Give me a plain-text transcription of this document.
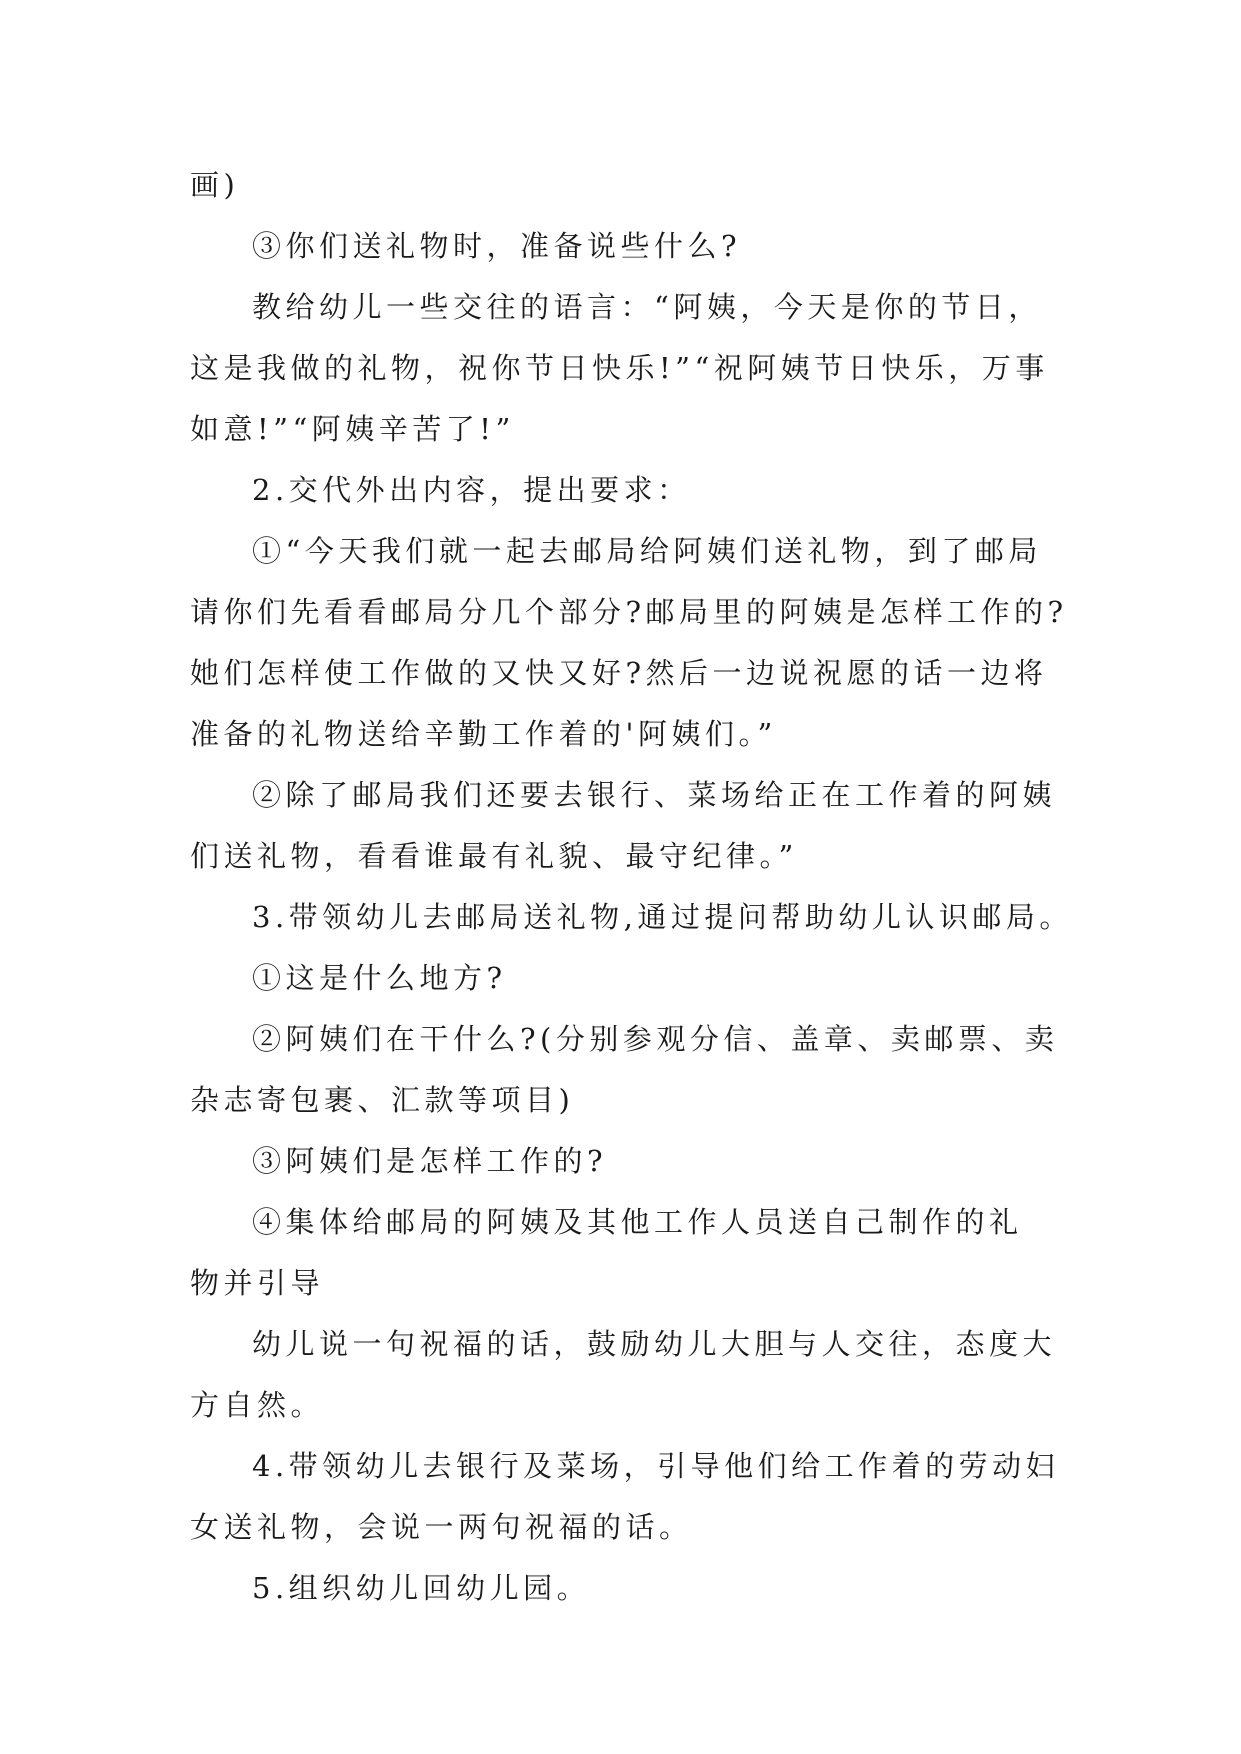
画)
③你们送礼物时，准备说些什么?
教给幼儿一些交往的语言：“阿姨，今天是你的节日，
这是我做的礼物，祝你节日快乐!”“祝阿姨节日快乐，万事
如意!”“阿姨辛苦了!”
2.交代外出内容，提出要求：
①“今天我们就一起去邮局给阿姨们送礼物，到了邮局
请你们先看看邮局分几个部分?邮局里的阿姨是怎样工作的?
她们怎样使工作做的又快又好?然后一边说祝愿的话一边将
准备的礼物送给辛勤工作着的'阿姨们。”
②除了邮局我们还要去银行、菜场给正在工作着的阿姨
们送礼物，看看谁最有礼貌、最守纪律。”
3.带领幼儿去邮局送礼物,通过提问帮助幼儿认识邮局。
①这是什么地方?
②阿姨们在干什么?(分别参观分信、盖章、卖邮票、卖
杂志寄包裹、汇款等项目)
③阿姨们是怎样工作的?
④集体给邮局的阿姨及其他工作人员送自己制作的礼
物并引导
幼儿说一句祝福的话，鼓励幼儿大胆与人交往，态度大
方自然。
4.带领幼儿去银行及菜场，引导他们给工作着的劳动妇
女送礼物，会说一两句祝福的话。
5.组织幼儿回幼儿园。
